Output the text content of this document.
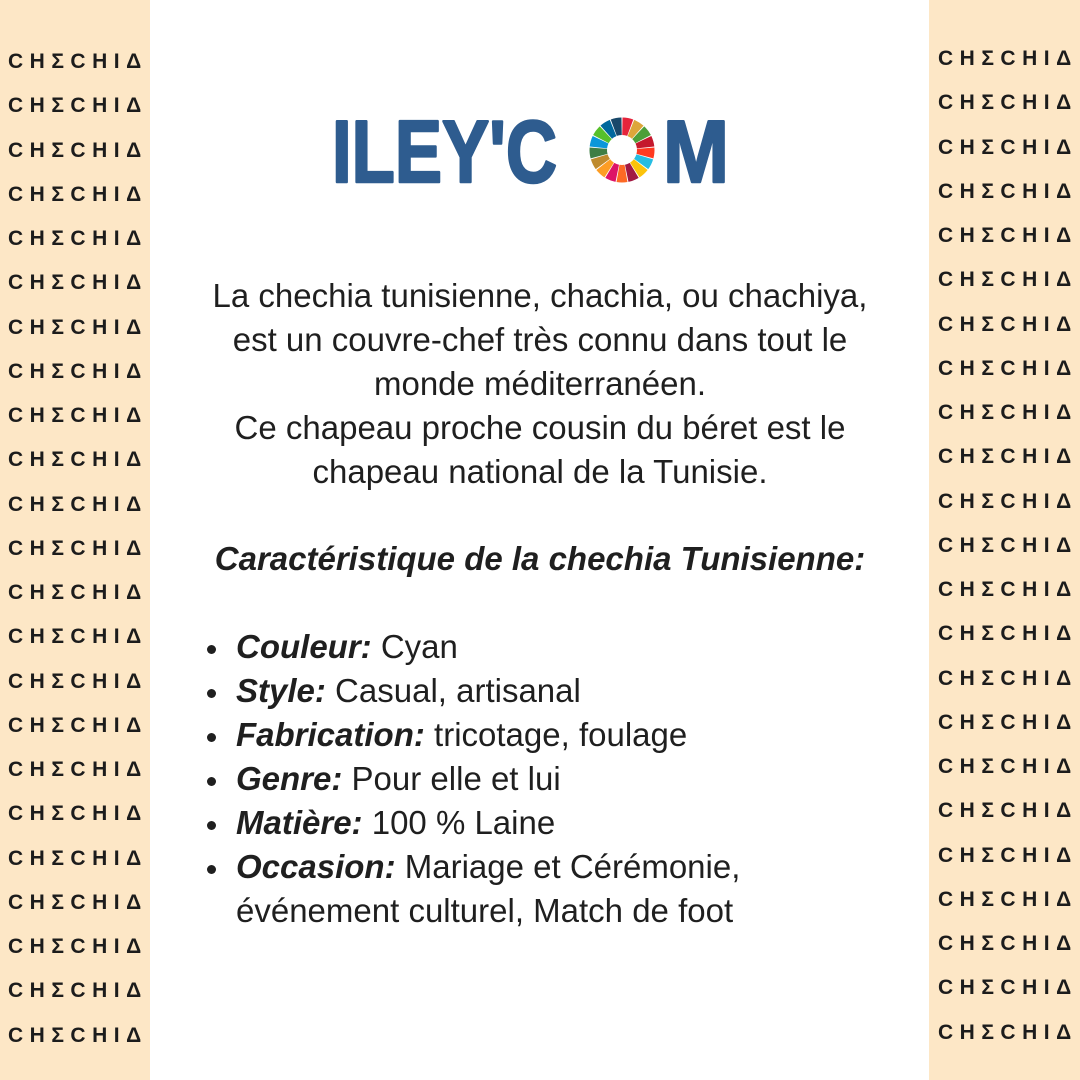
CHΣCHIΔ
CHΣCHIΔ
CHΣCHIΔ
CHΣCHIΔ
CHΣCHIΔ
CHΣCHIΔ
CHΣCHIΔ
CHΣCHIΔ
CHΣCHIΔ
CHΣCHIΔ
CHΣCHIΔ
CHΣCHIΔ
CHΣCHIΔ
CHΣCHIΔ
CHΣCHIΔ
CHΣCHIΔ
CHΣCHIΔ
CHΣCHIΔ
CHΣCHIΔ
CHΣCHIΔ
CHΣCHIΔ
CHΣCHIΔ
CHΣCHIΔ
CHΣCHIΔ
CHΣCHIΔ
CHΣCHIΔ
CHΣCHIΔ
CHΣCHIΔ
CHΣCHIΔ
CHΣCHIΔ
CHΣCHIΔ
CHΣCHIΔ
CHΣCHIΔ
CHΣCHIΔ
CHΣCHIΔ
CHΣCHIΔ
CHΣCHIΔ
CHΣCHIΔ
CHΣCHIΔ
CHΣCHIΔ
CHΣCHIΔ
CHΣCHIΔ
CHΣCHIΔ
CHΣCHIΔ
CHΣCHIΔ
CHΣCHIΔ
ILEY'C M
La chechia tunisienne, chachia, ou chachiya,
est un couvre-chef très connu dans tout le
monde méditerranéen.
Ce chapeau proche cousin du béret est le
chapeau national de la Tunisie.
Caractéristique de la chechia Tunisienne:
Couleur: Cyan
Style: Casual, artisanal
Fabrication: tricotage, foulage
Genre: Pour elle et lui
Matière: 100 % Laine
Occasion: Mariage et Cérémonie, événement culturel, Match de foot
